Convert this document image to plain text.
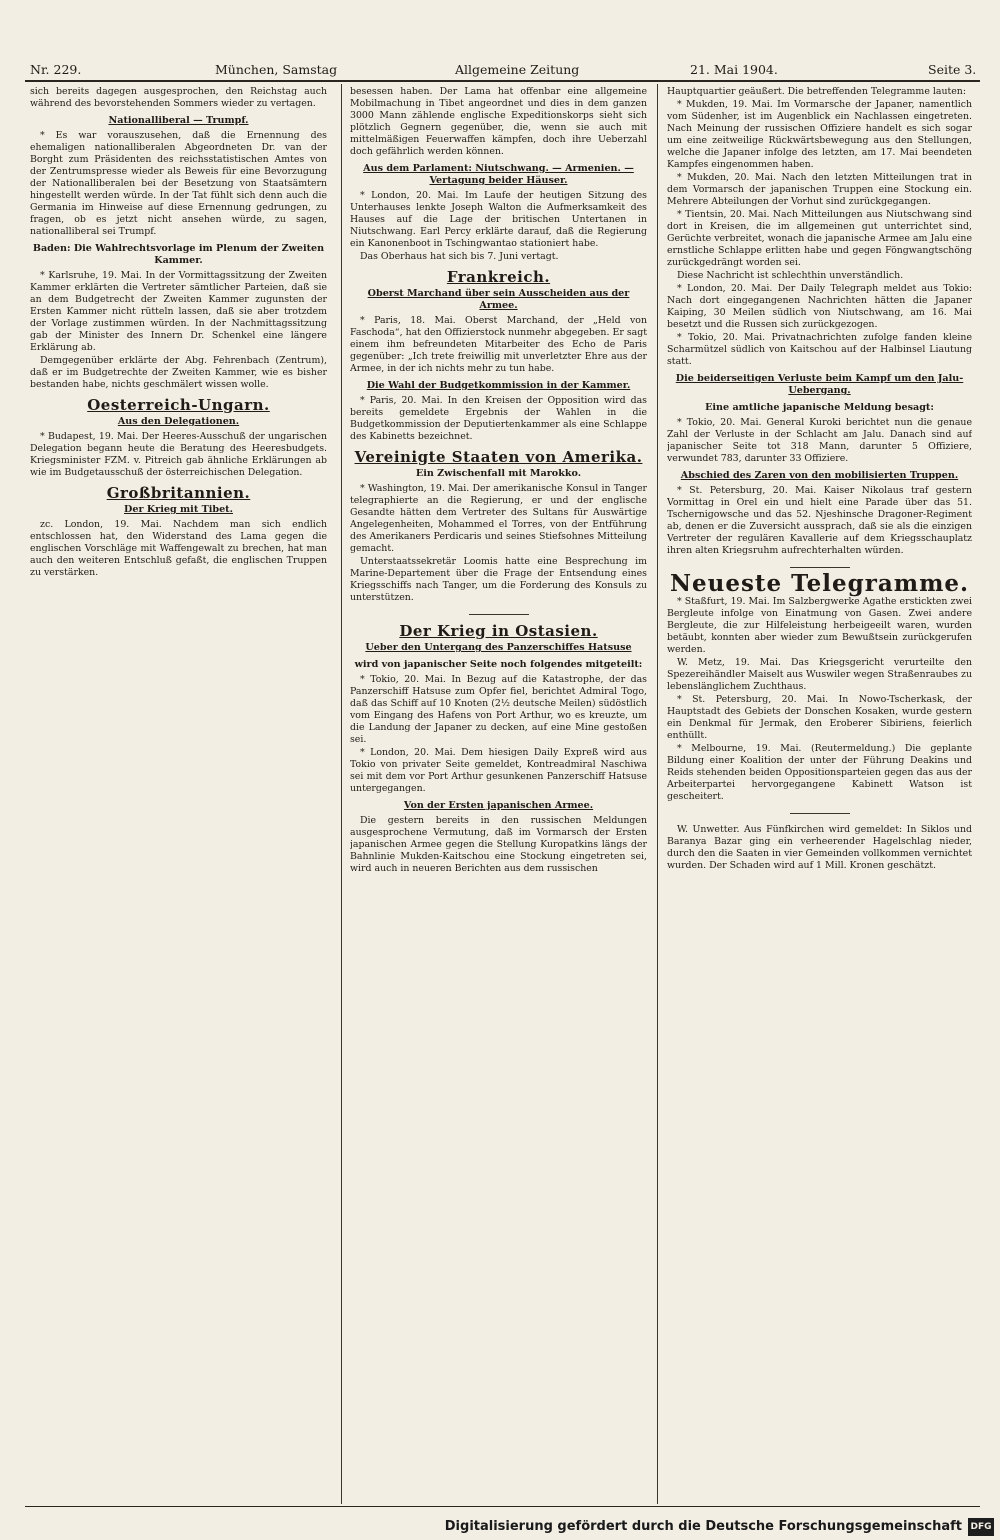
Nr. 229.	München, Samstag	Allgemeine Zeitung	21. Mai 1904.	Seite 3.

sich bereits dagegen ausgesprochen, den Reichstag auch während des bevorstehenden Sommers wieder zu vertagen.

Nationalliberal — Trumpf.

* Es war vorauszusehen, daß die Ernennung des ehemaligen nationalliberalen Abgeordneten Dr. van der Borght zum Präsidenten des reichsstatistischen Amtes von der Zentrumspresse wieder als Beweis für eine Bevorzugung der Nationalliberalen bei der Besetzung von Staatsämtern hingestellt werden würde. In der Tat fühlt sich denn auch die Germania im Hinweise auf diese Ernennung gedrungen, zu fragen, ob es jetzt nicht ansehen würde, zu sagen, nationalliberal sei Trumpf.

Baden: Die Wahlrechtsvorlage im Plenum der Zweiten Kammer.

* Karlsruhe, 19. Mai. In der Vormittagssitzung der Zweiten Kammer erklärten die Vertreter sämtlicher Parteien, daß sie an dem Budgetrecht der Zweiten Kammer zugunsten der Ersten Kammer nicht rütteln lassen, daß sie aber trotzdem der Vorlage zustimmen würden. In der Nachmittagssitzung gab der Minister des Innern Dr. Schenkel eine längere Erklärung ab.

Demgegenüber erklärte der Abg. Fehrenbach (Zentrum), daß er im Budgetrechte der Zweiten Kammer, wie es bisher bestanden habe, nichts geschmälert wissen wolle.

Oesterreich-Ungarn.
Aus den Delegationen.

* Budapest, 19. Mai. Der Heeres-Ausschuß der ungarischen Delegation begann heute die Beratung des Heeresbudgets. Kriegsminister FZM. v. Pitreich gab ähnliche Erklärungen ab wie im Budgetausschuß der österreichischen Delegation.

Großbritannien.
Der Krieg mit Tibet.

zc. London, 19. Mai. Nachdem man sich endlich entschlossen hat, den Widerstand des Lama gegen die englischen Vorschläge mit Waffengewalt zu brechen, hat man auch den weiteren Entschluß gefaßt, die englischen Truppen zu verstärken.

besessen haben. Der Lama hat offenbar eine allgemeine Mobilmachung in Tibet angeordnet und dies in dem ganzen 3000 Mann zählende englische Expeditionskorps sieht sich plötzlich Gegnern gegenüber, die, wenn sie auch mit mittelmäßigen Feuerwaffen kämpfen, doch ihre Ueberzahl doch gefährlich werden können.

Aus dem Parlament: Niutschwang. — Armenien. — Vertagung beider Häuser.

* London, 20. Mai. Im Laufe der heutigen Sitzung des Unterhauses lenkte Joseph Walton die Aufmerksamkeit des Hauses auf die Lage der britischen Untertanen in Niutschwang. Earl Percy erklärte darauf, daß die Regierung ein Kanonenboot in Tschingwantao stationiert habe.

Das Oberhaus hat sich bis 7. Juni vertagt.

Frankreich.
Oberst Marchand über sein Ausscheiden aus der Armee.

* Paris, 18. Mai. Oberst Marchand, der „Held von Faschoda“, hat den Offizierstock nunmehr abgegeben. Er sagt einem ihm befreundeten Mitarbeiter des Echo de Paris gegenüber: „Ich trete freiwillig mit unverletzter Ehre aus der Armee, in der ich nichts mehr zu tun habe.

Die Wahl der Budgetkommission in der Kammer.

* Paris, 20. Mai. In den Kreisen der Opposition wird das bereits gemeldete Ergebnis der Wahlen in die Budgetkommission der Deputiertenkammer als eine Schlappe des Kabinetts bezeichnet.

Vereinigte Staaten von Amerika.
Ein Zwischenfall mit Marokko.

* Washington, 19. Mai. Der amerikanische Konsul in Tanger telegraphierte an die Regierung, er und der englische Gesandte hätten dem Vertreter des Sultans für Auswärtige Angelegenheiten, Mohammed el Torres, von der Entführung des Amerikaners Perdicaris und seines Stiefsohnes Mitteilung gemacht.

Unterstaatssekretär Loomis hatte eine Besprechung im Marine-Departement über die Frage der Entsendung eines Kriegsschiffs nach Tanger, um die Forderung des Konsuls zu unterstützen.

Der Krieg in Ostasien.
Ueber den Untergang des Panzerschiffes Hatsuse
wird von japanischer Seite noch folgendes mitgeteilt:

* Tokio, 20. Mai. In Bezug auf die Katastrophe, der das Panzerschiff Hatsuse zum Opfer fiel, berichtet Admiral Togo, daß das Schiff auf 10 Knoten (2½ deutsche Meilen) südöstlich vom Eingang des Hafens von Port Arthur, wo es kreuzte, um die Landung der Japaner zu decken, auf eine Mine gestoßen sei.

* London, 20. Mai. Dem hiesigen Daily Expreß wird aus Tokio von privater Seite gemeldet, Kontreadmiral Naschiwa sei mit dem vor Port Arthur gesunkenen Panzerschiff Hatsuse untergegangen.

Von der Ersten japanischen Armee.

Die gestern bereits in den russischen Meldungen ausgesprochene Vermutung, daß im Vormarsch der Ersten japanischen Armee gegen die Stellung Kuropatkins längs der Bahnlinie Mukden-Kaitschou eine Stockung eingetreten sei, wird auch in neueren Berichten aus dem russischen

Hauptquartier geäußert. Die betreffenden Telegramme lauten:

* Mukden, 19. Mai. Im Vormarsche der Japaner, namentlich vom Südenher, ist im Augenblick ein Nachlassen eingetreten. Nach Meinung der russischen Offiziere handelt es sich sogar um eine zeitweilige Rückwärtsbewegung aus den Stellungen, welche die Japaner infolge des letzten, am 17. Mai beendeten Kampfes eingenommen haben.

* Mukden, 20. Mai. Nach den letzten Mitteilungen trat in dem Vormarsch der japanischen Truppen eine Stockung ein. Mehrere Abteilungen der Vorhut sind zurückgegangen.

* Tientsin, 20. Mai. Nach Mitteilungen aus Niutschwang sind dort in Kreisen, die im allgemeinen gut unterrichtet sind, Gerüchte verbreitet, wonach die japanische Armee am Jalu eine ernstliche Schlappe erlitten habe und gegen Föngwangtschöng zurückgedrängt worden sei.

Diese Nachricht ist schlechthin unverständlich.

* London, 20. Mai. Der Daily Telegraph meldet aus Tokio: Nach dort eingegangenen Nachrichten hätten die Japaner Kaiping, 30 Meilen südlich von Niutschwang, am 16. Mai besetzt und die Russen sich zurückgezogen.

* Tokio, 20. Mai. Privatnachrichten zufolge fanden kleine Scharmützel südlich von Kaitschou auf der Halbinsel Liautung statt.

Die beiderseitigen Verluste beim Kampf um den Jalu-Uebergang.
Eine amtliche japanische Meldung besagt:

* Tokio, 20. Mai. General Kuroki berichtet nun die genaue Zahl der Verluste in der Schlacht am Jalu. Danach sind auf japanischer Seite tot 318 Mann, darunter 5 Offiziere, verwundet 783, darunter 33 Offiziere.

Abschied des Zaren von den mobilisierten Truppen.

* St. Petersburg, 20. Mai. Kaiser Nikolaus traf gestern Vormittag in Orel ein und hielt eine Parade über das 51. Tschernigowsche und das 52. Njeshinsche Dragoner-Regiment ab, denen er die Zuversicht aussprach, daß sie als die einzigen Vertreter der regulären Kavallerie auf dem Kriegsschauplatz ihren alten Kriegsruhm aufrechterhalten würden.

Neueste Telegramme.

* Staßfurt, 19. Mai. Im Salzbergwerke Agathe erstickten zwei Bergleute infolge von Einatmung von Gasen. Zwei andere Bergleute, die zur Hilfeleistung herbeigeeilt waren, wurden betäubt, konnten aber wieder zum Bewußtsein zurückgerufen werden.

W. Metz, 19. Mai. Das Kriegsgericht verurteilte den Spezereihändler Maiselt aus Wuswiler wegen Straßenraubes zu lebenslänglichem Zuchthaus.

* St. Petersburg, 20. Mai. In Nowo-Tscherkask, der Hauptstadt des Gebiets der Donschen Kosaken, wurde gestern ein Denkmal für Jermak, den Eroberer Sibiriens, feierlich enthüllt.

* Melbourne, 19. Mai. (Reutermeldung.) Die geplante Bildung einer Koalition der unter der Führung Deakins und Reids stehenden beiden Oppositionsparteien gegen das aus der Arbeiterpartei hervorgegangene Kabinett Watson ist gescheitert.

W. Unwetter. Aus Fünfkirchen wird gemeldet: In Siklos und Baranya Bazar ging ein verheerender Hagelschlag nieder, durch den die Saaten in vier Gemeinden vollkommen vernichtet wurden. Der Schaden wird auf 1 Mill. Kronen geschätzt.

Digitalisierung gefördert durch die Deutsche Forschungsgemeinschaft DFG
